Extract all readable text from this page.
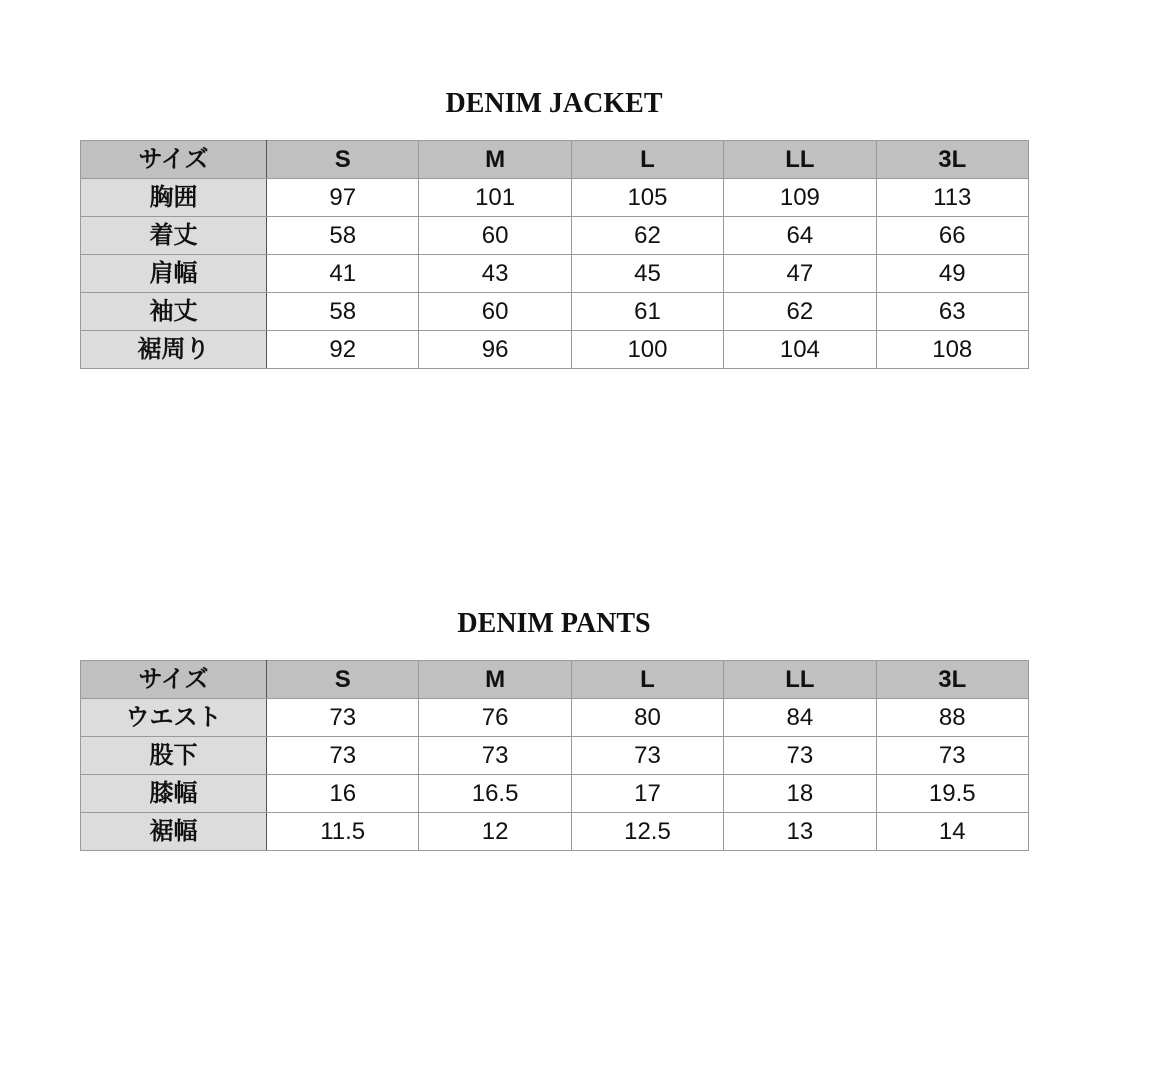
DENIM JACKET
サイズ	S	M	L	LL	3L
胸囲	97	101	105	109	113
着丈	58	60	62	64	66
肩幅	41	43	45	47	49
袖丈	58	60	61	62	63
裾周り	92	96	100	104	108
DENIM PANTS
サイズ	S	M	L	LL	3L
ウエスト	73	76	80	84	88
股下	73	73	73	73	73
膝幅	16	16.5	17	18	19.5
裾幅	11.5	12	12.5	13	14
